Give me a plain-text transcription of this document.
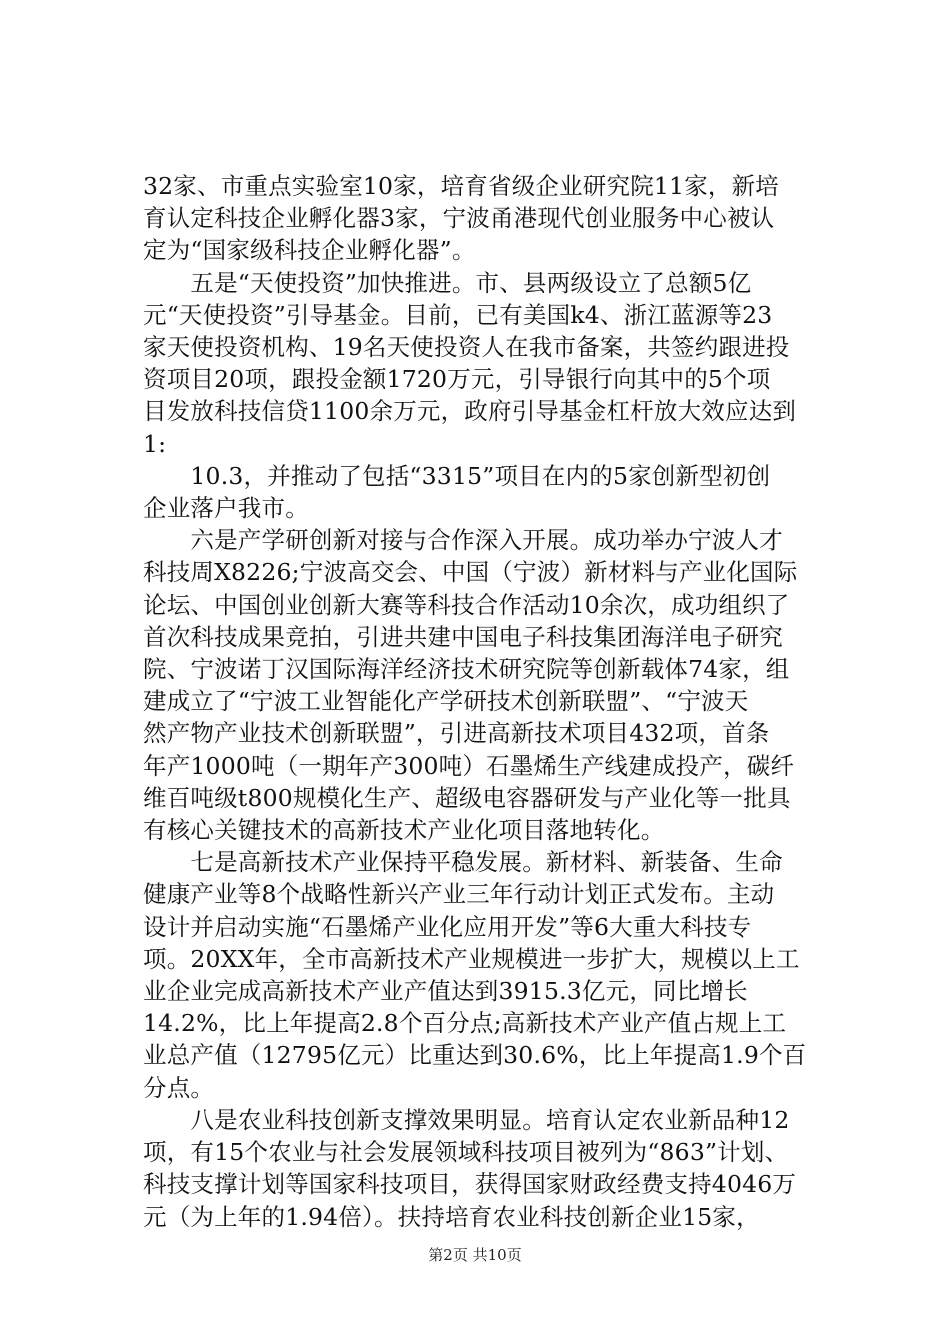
32家、市重点实验室10家，培育省级企业研究院11家，新培
育认定科技企业孵化器3家，宁波甬港现代创业服务中心被认
定为“国家级科技企业孵化器”。
　　五是“天使投资”加快推进。市、县两级设立了总额5亿
元“天使投资”引导基金。目前，已有美国k4、浙江蓝源等23
家天使投资机构、19名天使投资人在我市备案，共签约跟进投
资项目20项，跟投金额1720万元，引导银行向其中的5个项
目发放科技信贷1100余万元，政府引导基金杠杆放大效应达到
1:
　　10.3，并推动了包括“3315”项目在内的5家创新型初创
企业落户我市。
　　六是产学研创新对接与合作深入开展。成功举办宁波人才
科技周X8226;宁波高交会、中国（宁波）新材料与产业化国际
论坛、中国创业创新大赛等科技合作活动10余次，成功组织了
首次科技成果竞拍，引进共建中国电子科技集团海洋电子研究
院、宁波诺丁汉国际海洋经济技术研究院等创新载体74家，组
建成立了“宁波工业智能化产学研技术创新联盟”、“宁波天
然产物产业技术创新联盟”，引进高新技术项目432项，首条
年产1000吨（一期年产300吨）石墨烯生产线建成投产，碳纤
维百吨级t800规模化生产、超级电容器研发与产业化等一批具
有核心关键技术的高新技术产业化项目落地转化。
　　七是高新技术产业保持平稳发展。新材料、新装备、生命
健康产业等8个战略性新兴产业三年行动计划正式发布。主动
设计并启动实施“石墨烯产业化应用开发”等6大重大科技专
项。20XX年，全市高新技术产业规模进一步扩大，规模以上工
业企业完成高新技术产业产值达到3915.3亿元，同比增长
14.2%，比上年提高2.8个百分点;高新技术产业产值占规上工
业总产值（12795亿元）比重达到30.6%，比上年提高1.9个百
分点。
　　八是农业科技创新支撑效果明显。培育认定农业新品种12
项，有15个农业与社会发展领域科技项目被列为“863”计划、
科技支撑计划等国家科技项目，获得国家财政经费支持4046万
元（为上年的1.94倍）。扶持培育农业科技创新企业15家，

第2页 共10页
